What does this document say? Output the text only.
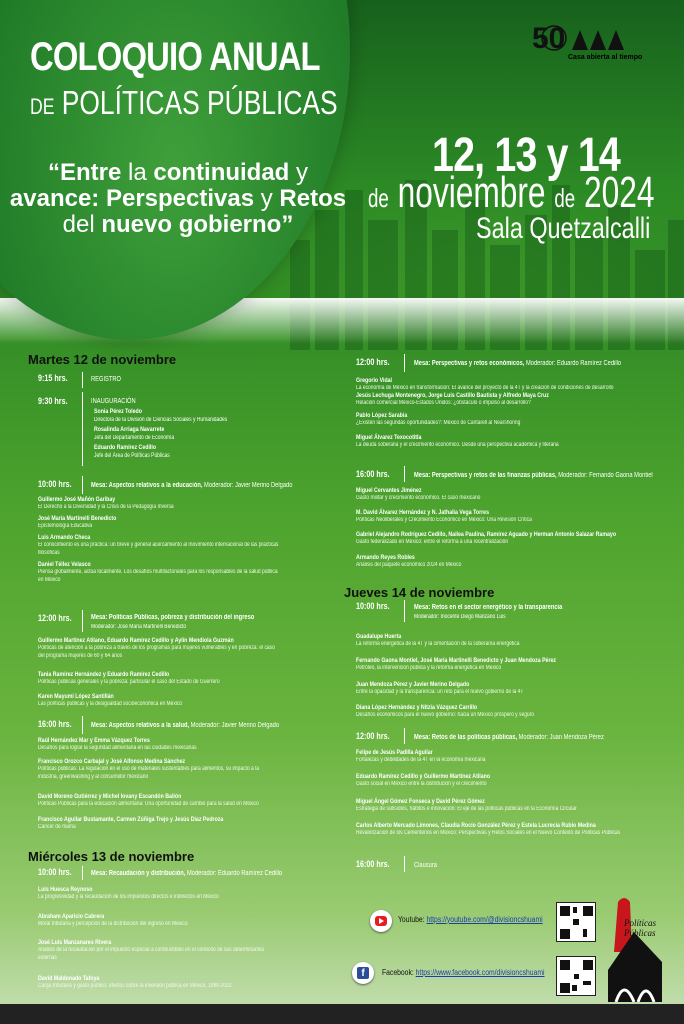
COLOQUIO ANUAL
DE POLÍTICAS PÚBLICAS
“Entre la continuidad y avance: Perspectivas y Retos del nuevo gobierno”
50
Casa abierta al tiempo
12, 13 y 14
de noviembre de 2024
Sala Quetzalcalli
Martes 12 de noviembre
9:15 hrs.	REGISTRO
9:30 hrs.	INAUGURACIÓN
Sonia Pérez Toledo
Directora de la División de Ciencias Sociales y Humanidades
Rosalinda Arriaga Navarrete
Jefa del Departamento de Economía
Eduardo Ramírez Cedillo
Jefe del Área de Políticas Públicas
10:00 hrs.	Mesa: Aspectos relativos a la educación, Moderador: Javier Merino Delgado
Guillermo José Mañón Garibay
El Derecho a la Diversidad y la Crisis de la Pedagogía Inversa
José María Martinelli Benedicto
Epistemología Educativa
Luis Armando Checa
El conocimiento es una práctica: un breve y general acercamiento al movimiento internacional de las prácticas
filosóficas
Daniel Téllez Velasco
Piensa globalmente, actúa localmente. Los desafíos multifactoriales para los responsables de la salud pública
en México
12:00 hrs.	Mesa: Políticas Públicas, pobreza y distribución del ingreso
Moderador: José María Martinelli Benedicto
Guillermo Martínez Atilano, Eduardo Ramírez Cedillo y Aylín Mendiola Guzmán
Políticas de atención a la pobreza a través de los programas para mujeres vulnerables y en pobreza: el caso
del programa mujeres de 60 y 64 años
Tania Ramírez Hernández y Eduardo Ramírez Cedillo
Políticas públicas generales y la pobreza: particular el caso del Estado de Guerrero
Karen Mayumi López Santillán
Las políticas públicas y la desigualdad socioeconómica en México
16:00 hrs.	Mesa: Aspectos relativos a la salud, Moderador: Javier Merino Delgado
Raúl Hernández Mar y Emma Vázquez Torres
Desafíos para lograr la seguridad alimentaria en las ciudades mexicanas
Francisco Orozco Carbajal y José Alfonso Medina Sánchez
Políticas públicas: La regulación en el uso de materiales sustentables para alimentos, su impacto a la
industria, greenwashing y al consumidor mexicano
David Moreno Gutiérrez y Michel Iovany Escandón Bailón
Políticas Públicas para la educación alimentaria: Una oportunidad de cambio para la salud en México
Francisco Aguilar Bustamante, Carmen Zúñiga Trejo y Jesús Díaz Pedroza
Cáncer de mama
Miércoles 13 de noviembre
10:00 hrs.	Mesa: Recaudación y distribución, Moderador: Eduardo Ramírez Cedillo
Luis Huesca Reynoso
La progresividad y la recaudación de los impuestos directos e indirectos en México
Abraham Aparicio Cabrera
Moral tributaria y percepción de la distribución del ingreso en México
José Luis Manzanares Rivera
Análisis de la recaudación por el impuesto especial a combustibles en el contexto de sus determinantes
externas
David Maldonado Tafoya
Carga tributaria y gasto público: efectos sobre la inversión pública en México, 1990-2022
12:00 hrs.	Mesa: Perspectivas y retos económicos, Moderador: Eduardo Ramírez Cedillo
Gregorio Vidal
La economía de México en transformación: El avance del proyecto de la 4T y la creación de condiciones de desarrollo
Jesús Lechuga Montenegro, Jorge Luis Castillo Bautista y Alfredo Maya Cruz
Relación comercial México-Estados Unidos: ¿obstáculo o impulso al desarrollo?
Pablo López Sarabia
¿Existen las segundas oportunidades?: México de Cantarell al Nearshoring
Miguel Álvarez Texocotitla
La deuda soberana y el crecimiento económico. Desde una perspectiva académica y literaria
16:00 hrs.	Mesa: Perspectivas y retos de las finanzas públicas, Moderador: Fernando Gaona Montiel
Miguel Cervantes Jiménez
Gasto militar y crecimiento económico. El caso mexicano
M. David Álvarez Hernández y N. Jathalia Vega Torres
Políticas Neoliberales y Crecimiento Económico en México: Una Revisión Crítica
Gabriel Alejandro Rodríguez Cedillo, Nailea Paulina, Ramírez Aguado y Herman Antonio Salazar Ramayo
Gasto federalizado en México: entre el reforma a una recentralización
Armando Reyes Robles
Análisis del paquete económico 2024 en México
Jueves 14 de noviembre
10:00 hrs.	Mesa: Retos en el sector energético y la transparencia
Moderador: Inocente Diego Manzano Luis
Guadalupe Huerta
La reforma energética de la 4T y la cimentación de la soberanía energética
Fernando Gaona Montiel, José María Martinelli Benedicto y Juan Mendoza Pérez
Petróleo, la intervención pública y la reforma energética en México
Juan Mendoza Pérez y Javier Merino Delgado
Entre la opacidad y la transparencia: un reto para el nuevo gobierno de la 4T
Diana López Hernández y Nitzia Vázquez Carrillo
Desafíos económicos para el nuevo gobierno: hacia un México próspero y seguro
12:00 hrs.	Mesa: Retos de las políticas públicas, Moderador: Juan Mendoza Pérez
Felipe de Jesús Padilla Aguilar
Fortalezas y debilidades de la 4T en la economía mexicana
Eduardo Ramírez Cedillo y Guillermo Martínez Atilano
Gasto social en México entre la distribución y el crecimiento
Miguel Ángel Gómez Fonseca y David Pérez Gómez
Estrategia de subsidios, hábitos e innovación: El eje de las políticas públicas en la Economía Circular
Carlos Alberto Mercado Limones, Claudia Rocío González Pérez y Estela Lucrecia Rubio Medina
Revalorización de los Cementerios en México: Perspectivas y Retos Sociales en el Nuevo Contexto de Políticas Públicas
16:00 hrs.	Clausura
Youtube: https://youtube.com/@divisioncshuami
f	Facebook: https://www.facebook.com/divisioncshuami
Políticas
Públicas
